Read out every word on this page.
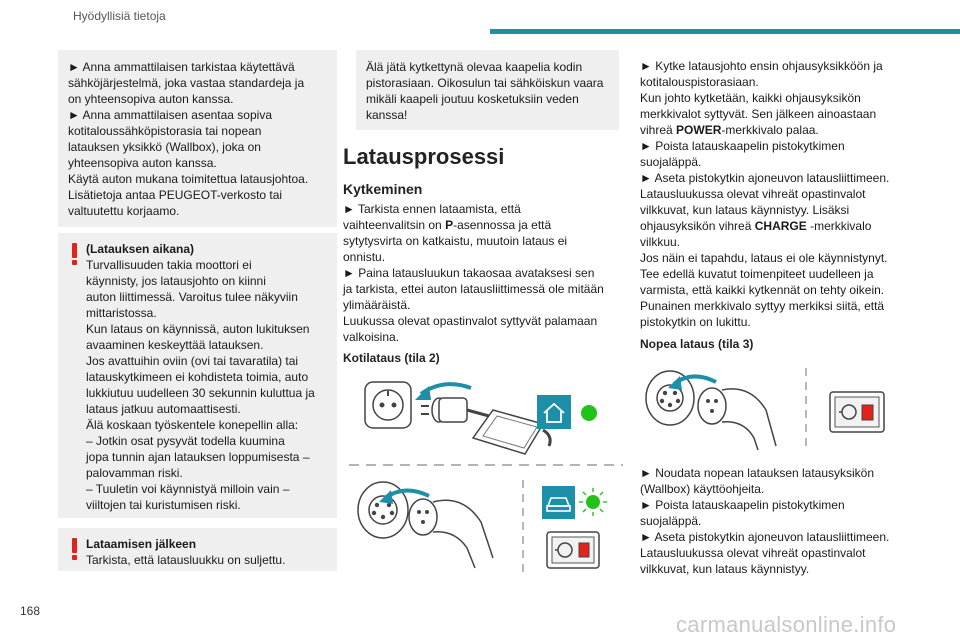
Hyödyllisiä tietoja

► Anna ammattilaisen tarkistaa käytettävä

sähköjärjestelmä, joka vastaa standardeja ja

on yhteensopiva auton kanssa.

► Anna ammattilaisen asentaa sopiva

kotitaloussähköpistorasia tai nopean

latauksen yksikkö (Wallbox), joka on

yhteensopiva auton kanssa.

Käytä auton mukana toimitettua latausjohtoa.

Lisätietoja antaa PEUGEOT-verkosto tai

valtuutettu korjaamo.

(Latauksen aikana)

Turvallisuuden takia moottori ei

käynnisty, jos latausjohto on kiinni

auton liittimessä. Varoitus tulee näkyviin

mittaristossa.

Kun lataus on käynnissä, auton lukituksen

avaaminen keskeyttää latauksen.

Jos avattuihin oviin (ovi tai tavaratila) tai

latauskytkimeen ei kohdisteta toimia, auto

lukkiutuu uudelleen 30 sekunnin kuluttua ja

lataus jatkuu automaattisesti.

Älä koskaan työskentele konepellin alla:

– Jotkin osat pysyvät todella kuumina

jopa tunnin ajan latauksen loppumisesta –

palovamman riski.

– Tuuletin voi käynnistyä milloin vain –

viiltojen tai kuristumisen riski.

Lataamisen jälkeen

Tarkista, että latausluukku on suljettu.

Älä jätä kytkettynä olevaa kaapelia kodin

pistorasiaan. Oikosulun tai sähköiskun vaara

mikäli kaapeli joutuu kosketuksiin veden

kanssa!

Latausprosessi
Kytkeminen

► Tarkista ennen lataamista, että

vaihteenvalitsin on P-asennossa ja että

sytytysvirta on katkaistu, muutoin lataus ei

onnistu.

► Paina latausluukun takaosaa avataksesi sen

ja tarkista, ettei auton latausliittimessä ole mitään

ylimääräistä.

Luukussa olevat opastinvalot syttyvät palamaan

valkoisina.

Kotilataus (tila 2)

► Kytke latausjohto ensin ohjausyksikköön ja

kotitalouspistorasiaan.

Kun johto kytketään, kaikki ohjausyksikön

merkkivalot syttyvät. Sen jälkeen ainoastaan

vihreä POWER-merkkivalo palaa.

► Poista latauskaapelin pistokytkimen

suojaläppä.

► Aseta pistokytkin ajoneuvon latausliittimeen.

Latausluukussa olevat vihreät opastinvalot

vilkkuvat, kun lataus käynnistyy. Lisäksi

ohjausyksikön vihreä CHARGE -merkkivalo

vilkkuu.

Jos näin ei tapahdu, lataus ei ole käynnistynyt.

Tee edellä kuvatut toimenpiteet uudelleen ja

varmista, että kaikki kytkennät on tehty oikein.

Punainen merkkivalo syttyy merkiksi siitä, että

pistokytkin on lukittu.

Nopea lataus (tila 3)

► Noudata nopean latauksen latausyksikön

(Wallbox) käyttöohjeita.

► Poista latauskaapelin pistokytkimen

suojaläppä.

► Aseta pistokytkin ajoneuvon latausliittimeen.

Latausluukussa olevat vihreät opastinvalot

vilkkuvat, kun lataus käynnistyy.

168
carmanualsonline.info
